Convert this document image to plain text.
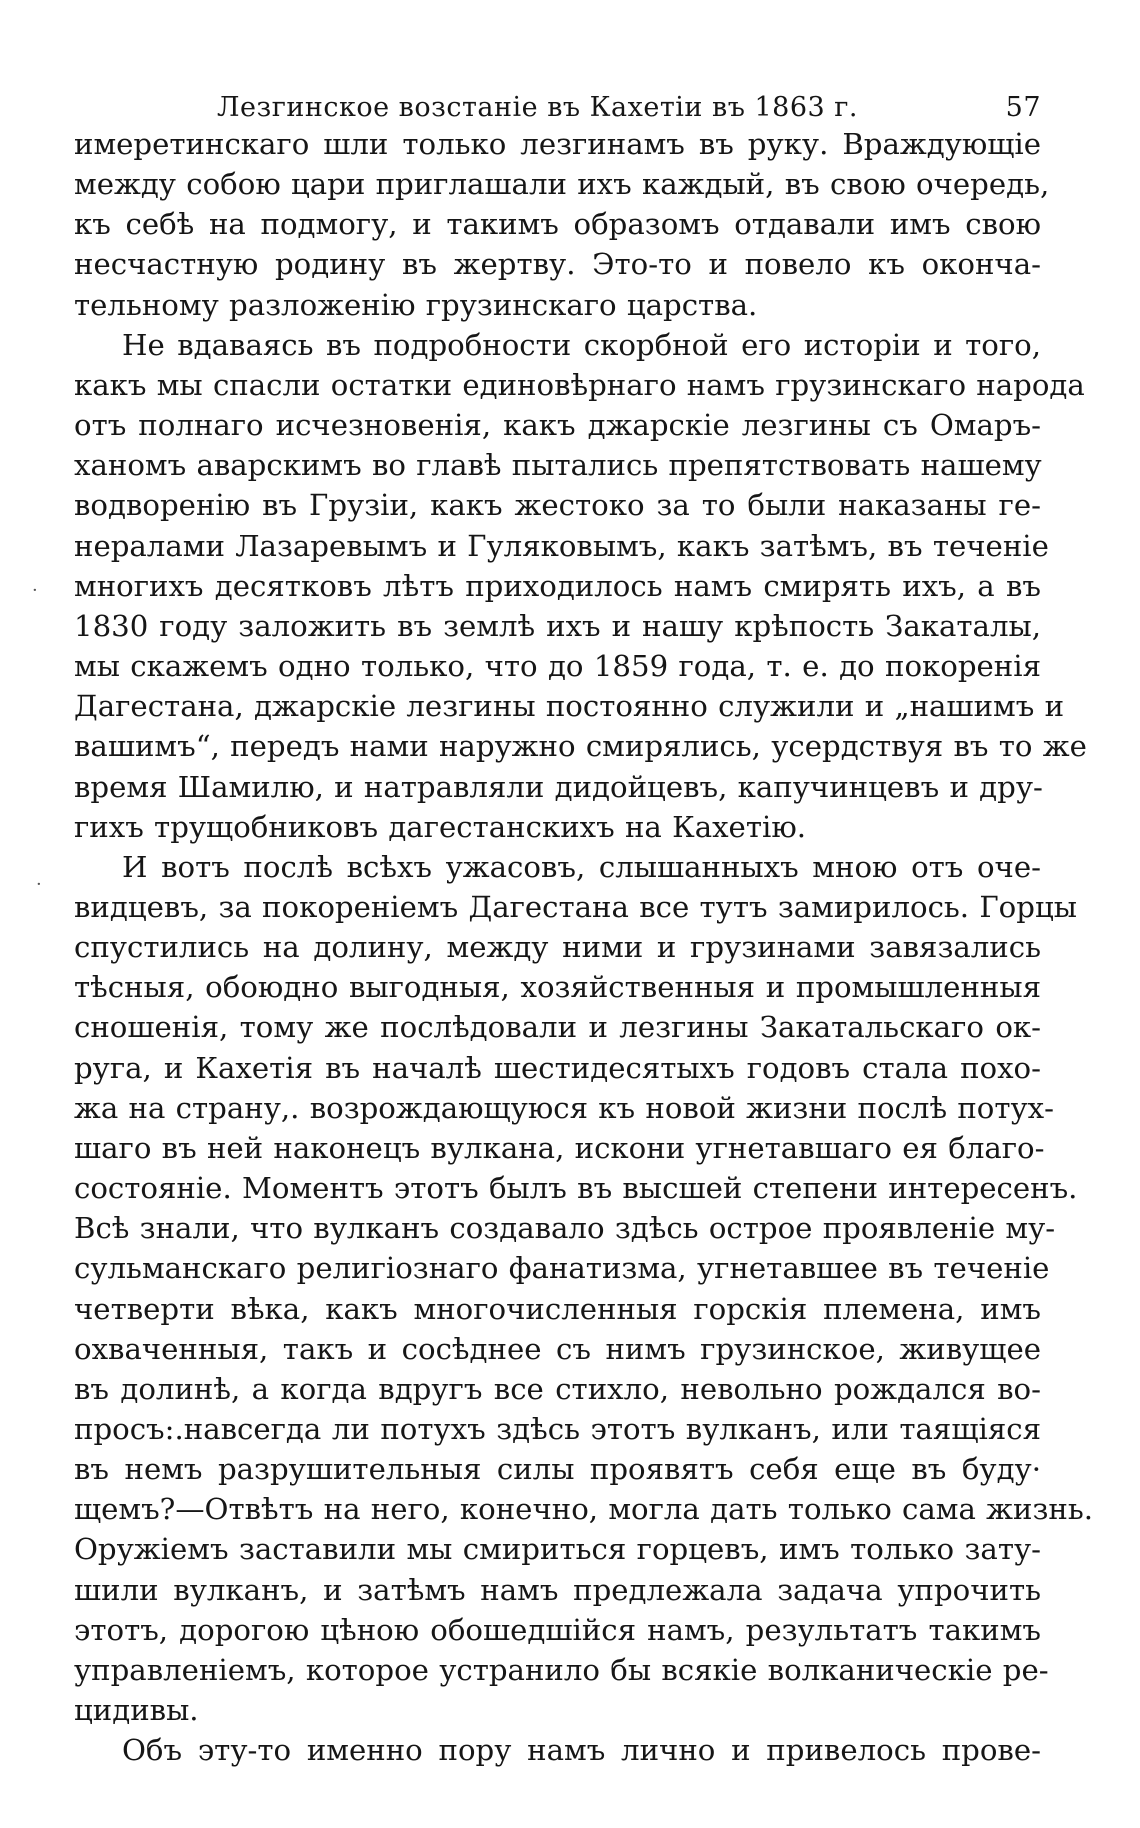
Лезгинское возстаніе въ Кахетіи въ 1863 г.	57
имеретинскаго шли только лезгинамъ въ руку. Враждующіе
между собою цари приглашали ихъ каждый, въ свою очередь,
къ себѣ на подмогу, и такимъ образомъ отдавали имъ свою
несчастную родину въ жертву. Это-то и повело къ оконча-
тельному разложенію грузинскаго царства.
Не вдаваясь въ подробности скорбной его исторіи и того,
какъ мы спасли остатки единовѣрнаго намъ грузинскаго народа
отъ полнаго исчезновенія, какъ джарскіе лезгины съ Омаръ-
ханомъ аварскимъ во главѣ пытались препятствовать нашему
водворенію въ Грузіи, какъ жестоко за то были наказаны ге-
нералами Лазаревымъ и Гуляковымъ, какъ затѣмъ, въ теченіе
многихъ десятковъ лѣтъ приходилось намъ смирять ихъ, а въ
1830 году заложить въ землѣ ихъ и нашу крѣпость Закаталы,
мы скажемъ одно только, что до 1859 года, т. е. до покоренія
Дагестана, джарскіе лезгины постоянно служили и „нашимъ и
вашимъ“, передъ нами наружно смирялись, усердствуя въ то же
время Шамилю, и натравляли дидойцевъ, капучинцевъ и дру-
гихъ трущобниковъ дагестанскихъ на Кахетію.
И вотъ послѣ всѣхъ ужасовъ, слышанныхъ мною отъ оче-
видцевъ, за покореніемъ Дагестана все тутъ замирилось. Горцы
спустились на долину, между ними и грузинами завязались
тѣсныя, обоюдно выгодныя, хозяйственныя и промышленныя
сношенія, тому же послѣдовали и лезгины Закатальскаго ок-
руга, и Кахетія въ началѣ шестидесятыхъ годовъ стала похо-
жа на страну,. возрождающуюся къ новой жизни послѣ потух-
шаго въ ней наконецъ вулкана, искони угнетавшаго ея благо-
состояніе. Моментъ этотъ былъ въ высшей степени интересенъ.
Всѣ знали, что вулканъ создавало здѣсь острое проявленіе му-
сульманскаго религіознаго фанатизма, угнетавшее въ теченіе
четверти вѣка, какъ многочисленныя горскія племена, имъ
охваченныя, такъ и сосѣднее съ нимъ грузинское, живущее
въ долинѣ, а когда вдругъ все стихло, невольно рождался во-
просъ:.навсегда ли потухъ здѣсь этотъ вулканъ, или таящіяся
въ немъ разрушительныя силы проявятъ себя еще въ буду·
щемъ?—Отвѣтъ на него, конечно, могла дать только сама жизнь.
Оружіемъ заставили мы смириться горцевъ, имъ только зату-
шили вулканъ, и затѣмъ намъ предлежала задача упрочить
этотъ, дорогою цѣною обошедшійся намъ, результатъ такимъ
управленіемъ, которое устранило бы всякіе волканическіе ре-
цидивы.
Объ эту-то именно пору намъ лично и привелось прове-
·
·
